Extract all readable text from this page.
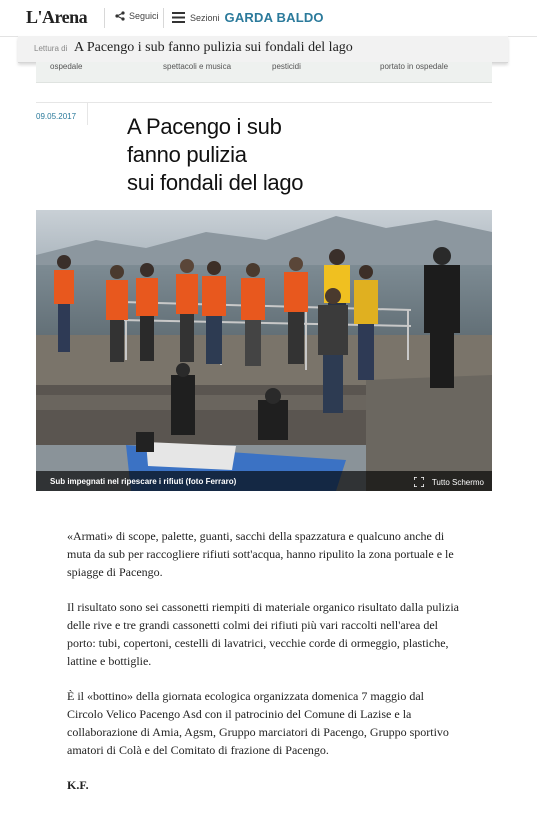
L'Arena	Seguici	Sezioni GARDA BALDO
Lettura di A Pacengo i sub fanno pulizia sui fondali del lago
ospedale	spettacoli e musica	pesticidi	portato in ospedale
09.05.2017 A Pacengo i sub
fanno pulizia
sui fondali del lago
Sub impegnati nel ripescare i rifiuti (foto Ferraro)	Tutto Schermo

«Armati» di scope, palette, guanti, sacchi della spazzatura e qualcuno anche di muta da sub per raccogliere rifiuti sott'acqua, hanno ripulito la zona portuale e le spiagge di Pacengo.

Il risultato sono sei cassonetti riempiti di materiale organico risultato dalla pulizia delle rive e tre grandi cassonetti colmi dei rifiuti più vari raccolti nell'area del porto: tubi, copertoni, cestelli di lavatrici, vecchie corde di ormeggio, plastiche, lattine e bottiglie.

È il «bottino» della giornata ecologica organizzata domenica 7 maggio dal Circolo Velico Pacengo Asd con il patrocinio del Comune di Lazise e la collaborazione di Amia, Agsm, Gruppo marciatori di Pacengo, Gruppo sportivo amatori di Colà e del Comitato di frazione di Pacengo.

K.F.
